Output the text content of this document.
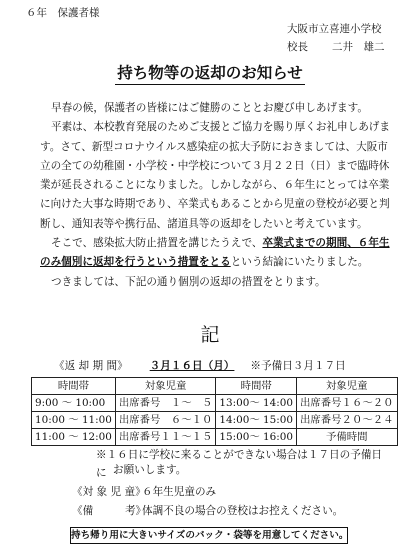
６年　保護者様
大阪市立喜連小学校
校長 二井　雄二
持ち物等の返却のお知らせ

早春の候，保護者の皆様にはご健勝のこととお慶び申しあげます。

平素は、本校教育発展のためご支援とご協力を賜り厚くお礼申しあげます。さて、新型コロナウイルス感染症の拡大予防におきましては、大阪市立の全ての幼稚園・小学校・中学校について３月２２日（日）まで臨時休業が延長されることになりました。しかしながら、６年生にとっては卒業に向けた大事な時期であり、卒業式もあることから児童の登校が必要と判断し、通知表等や携行品、諸道具等の返却をしたいと考えています。

そこで、感染拡大防止措置を講じたうえで、卒業式までの期間、６年生のみ個別に返却を行うという措置をとるという結論にいたりました。

つきましては、下記の通り個別の返却の措置をとります。

記
《返 却 期 間》 ３月１６日（月） ※予備日３月１７日
時間帯	対象児童	時間帯	対象児童
9:00 ～ 10:00	出席番号　１～　５	13:00～ 14:00	出席番号１６～２０
10:00 ～ 11:00	出席番号　６～１０	14:00～ 15:00	出席番号２０～２４
11:00 ～ 12:00	出席番号１１～１５	15:00～ 16:00	予備時間
※１６日に学校に来ることができない場合は１７日の予備日に お願いします。
《対 象 児 童》
６年生児童のみ
《備　　　考》
体調不良の場合の登校はお控えください。
持ち帰り用に大きいサイズのバック・袋等を用意してください。
